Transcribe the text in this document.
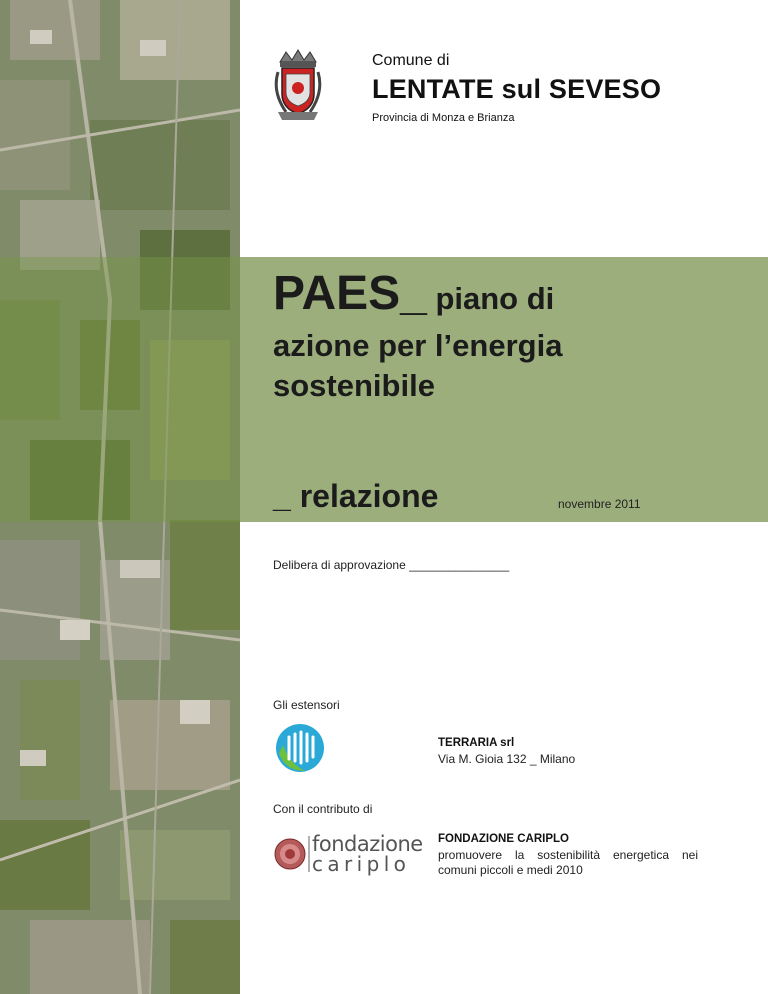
Comune di
LENTATE sul SEVESO
Provincia di Monza e Brianza
PAES_ piano di
azione per l’energia sostenibile
_ relazione	novembre 2011
Delibera di approvazione _______________
Gli estensori
TERRARIA srl
Via M. Gioia 132 _ Milano
Con il contributo di
fondazione
cariplo
FONDAZIONE CARIPLO
promuovere la sostenibilità energetica nei comuni piccoli e medi 2010
